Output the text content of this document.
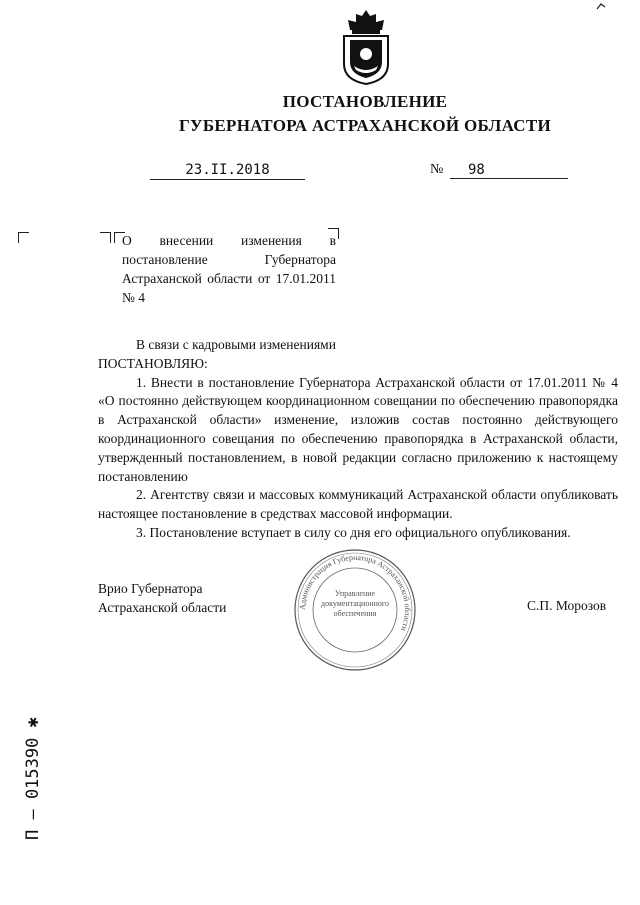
ПОСТАНОВЛЕНИЕ
ГУБЕРНАТОРА АСТРАХАНСКОЙ ОБЛАСТИ
23.II.2018	№	98
О внесении изменения в постановление Губернатора Астраханской области от 17.01.2011 № 4

В связи с кадровыми изменениями

ПОСТАНОВЛЯЮ:

1. Внести в постановление Губернатора Астраханской области от 17.01.2011 № 4 «О постоянно действующем координационном совещании по обеспечению правопорядка в Астраханской области» изменение, изложив состав постоянно действующего координационного совещания по обеспечению правопорядка в Астраханской области, утвержденный постановлением, в новой редакции согласно приложению к настоящему постановлению

2. Агентству связи и массовых коммуникаций Астраханской области опубликовать настоящее постановление в средствах массовой информации.

3. Постановление вступает в силу со дня его официального опубликования.

Врио Губернатора
Астраханской области	С.П. Морозов
Администрация Губернатора Астраханской области
Управление документационного обеспечения
П – 015390 ✱
